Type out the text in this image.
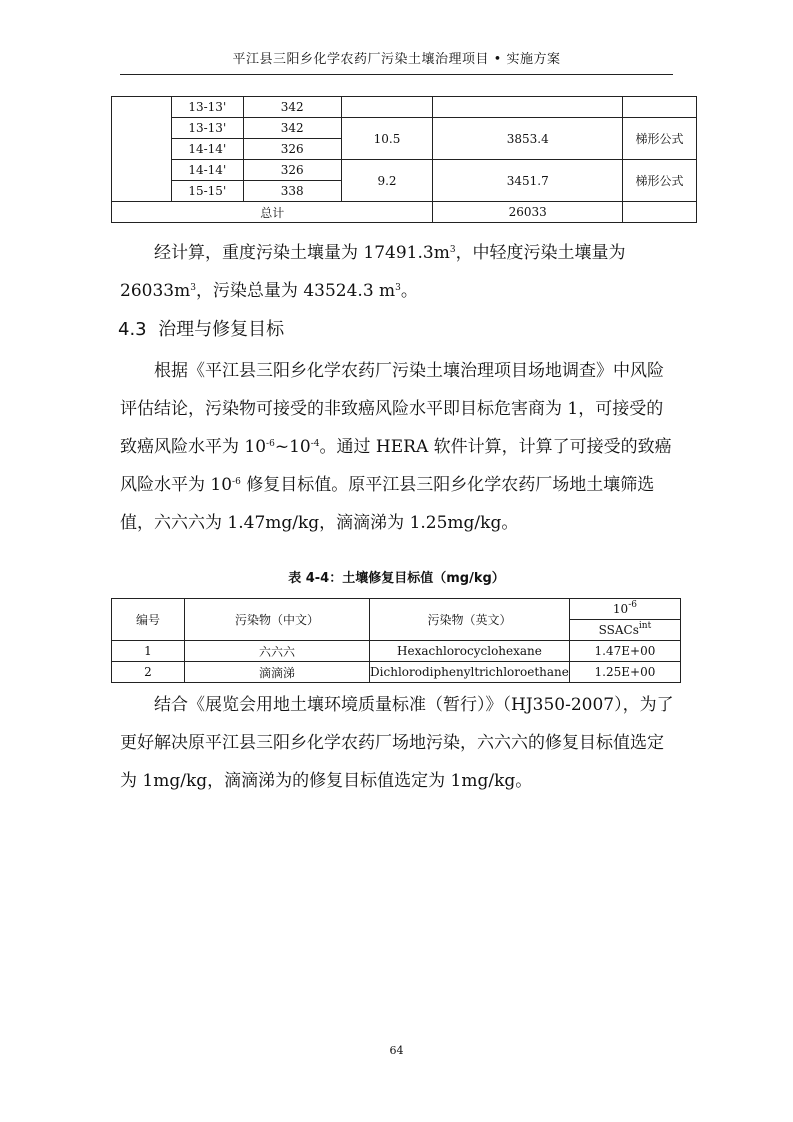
平江县三阳乡化学农药厂污染土壤治理项目 • 实施方案
	13-13'	342			
	13-13'	342	10.5	3853.4	梯形公式
	14-14'	326			
	14-14'	326	9.2	3451.7	梯形公式
	15-15'	338			
总计				26033	

经计算，重度污染土壤量为 $17491.3m^3$，中轻度污染土壤量为
$26033m^3$，污染总量为 43524.3 $m^3$。

4.3 治理与修复目标

根据《平江县三阳乡化学农药厂污染土壤治理项目场地调查》中风险评估结论，污染物可接受的非致癌风险水平即目标危害商为 1，可接受的致癌风险水平为 $10^{-6}\sim 10^{-4}$。通过 HERA 软件计算，计算了可接受的致癌风险水平为 $10^{-6}$ 修复目标值。原平江县三阳乡化学农药厂场地土壤筛选值，六六六为 1.47mg/kg，滴滴涕为 1.25mg/kg。

表 4-4：土壤修复目标值（mg/kg）
编号	污染物（中文）	污染物（英文）	$10^{-6}$
			SSACs$^{int}$
1	六六六	Hexachlorocyclohexane	1.47E+00
2	滴滴涕	Dichlorodiphenyltrichloroethane	1.25E+00

结合《展览会用地土壤环境质量标准（暂行）》（HJ350-2007），为了更好解决原平江县三阳乡化学农药厂场地污染，六六六的修复目标值选定为 1mg/kg，滴滴涕为的修复目标值选定为 1mg/kg。

64
